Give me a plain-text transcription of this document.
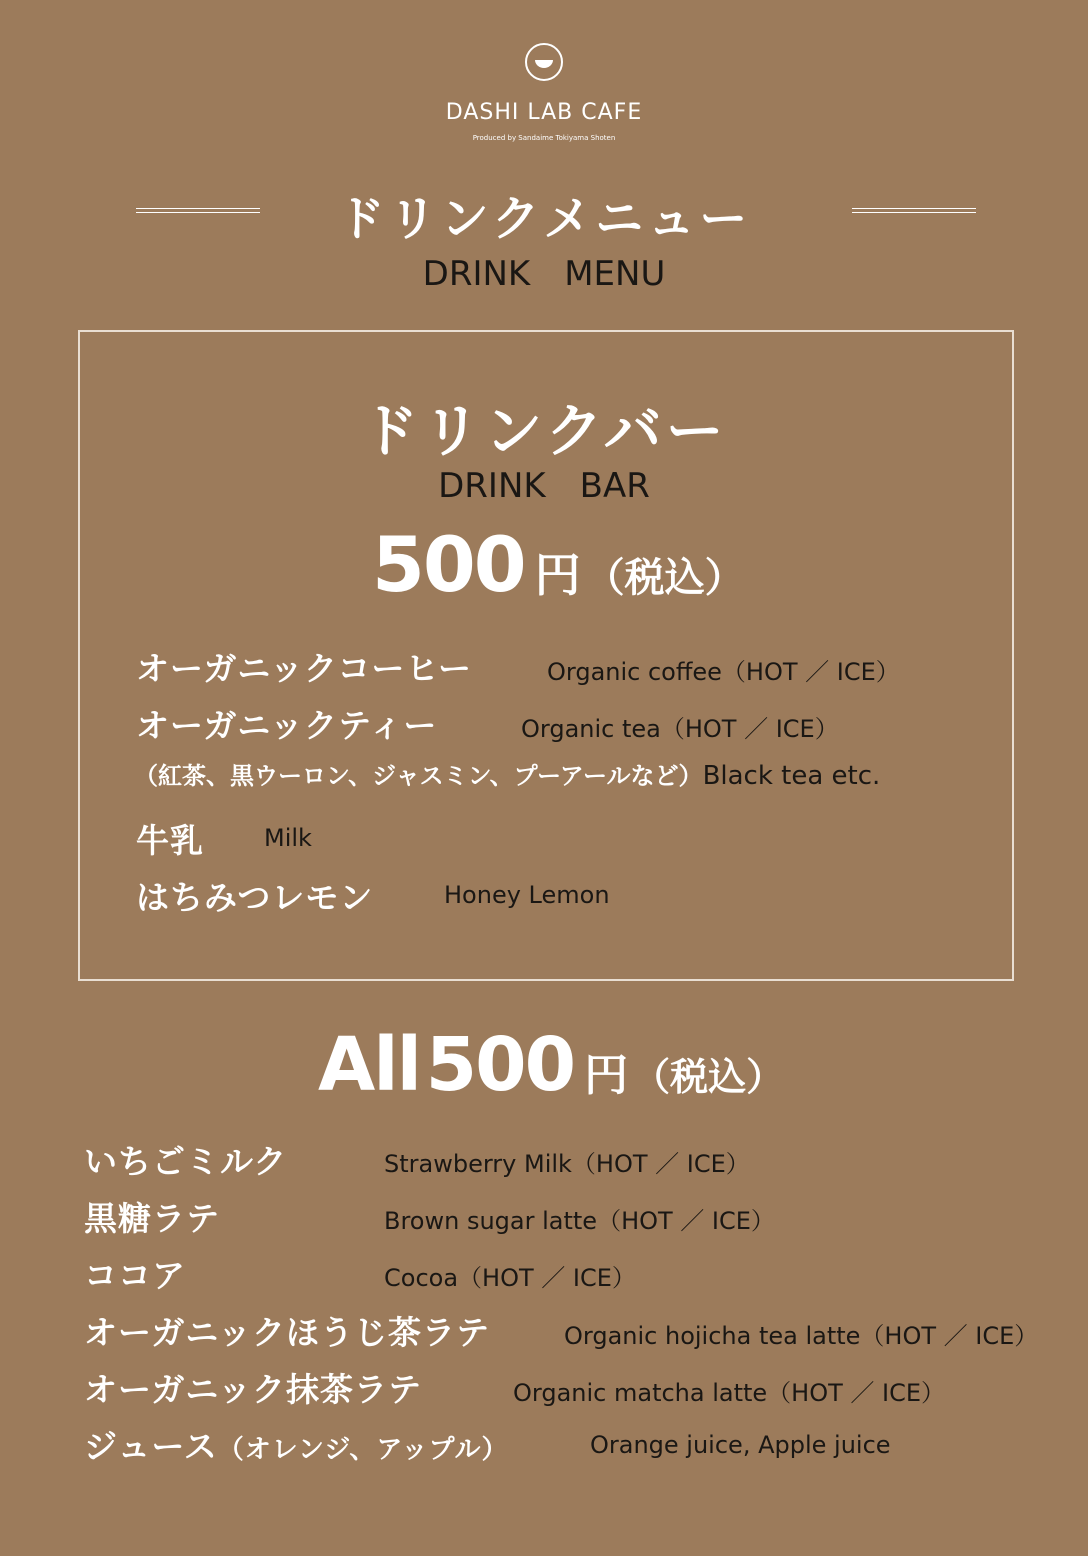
DASHI LAB CAFE
Produced by Sandaime Tokiyama Shoten
ドリンクメニュー
DRINK　MENU
ドリンクバー
DRINK　BAR
500 円 （税込）
オーガニックコーヒー	Organic coffee（HOT ／ ICE）
オーガニックティー	Organic tea（HOT ／ ICE）
（紅茶、黒ウーロン、ジャスミン、プーアールなど）Black tea etc.
牛乳	Milk
はちみつレモン	Honey Lemon
All 500 円 （税込）
いちごミルク	Strawberry Milk（HOT ／ ICE）
黒糖ラテ	Brown sugar latte（HOT ／ ICE）
ココア	Cocoa（HOT ／ ICE）
オーガニックほうじ茶ラテ	Organic hojicha tea latte（HOT ／ ICE）
オーガニック抹茶ラテ	Organic matcha latte（HOT ／ ICE）
ジュース（オレンジ、アップル）	Orange juice, Apple juice
